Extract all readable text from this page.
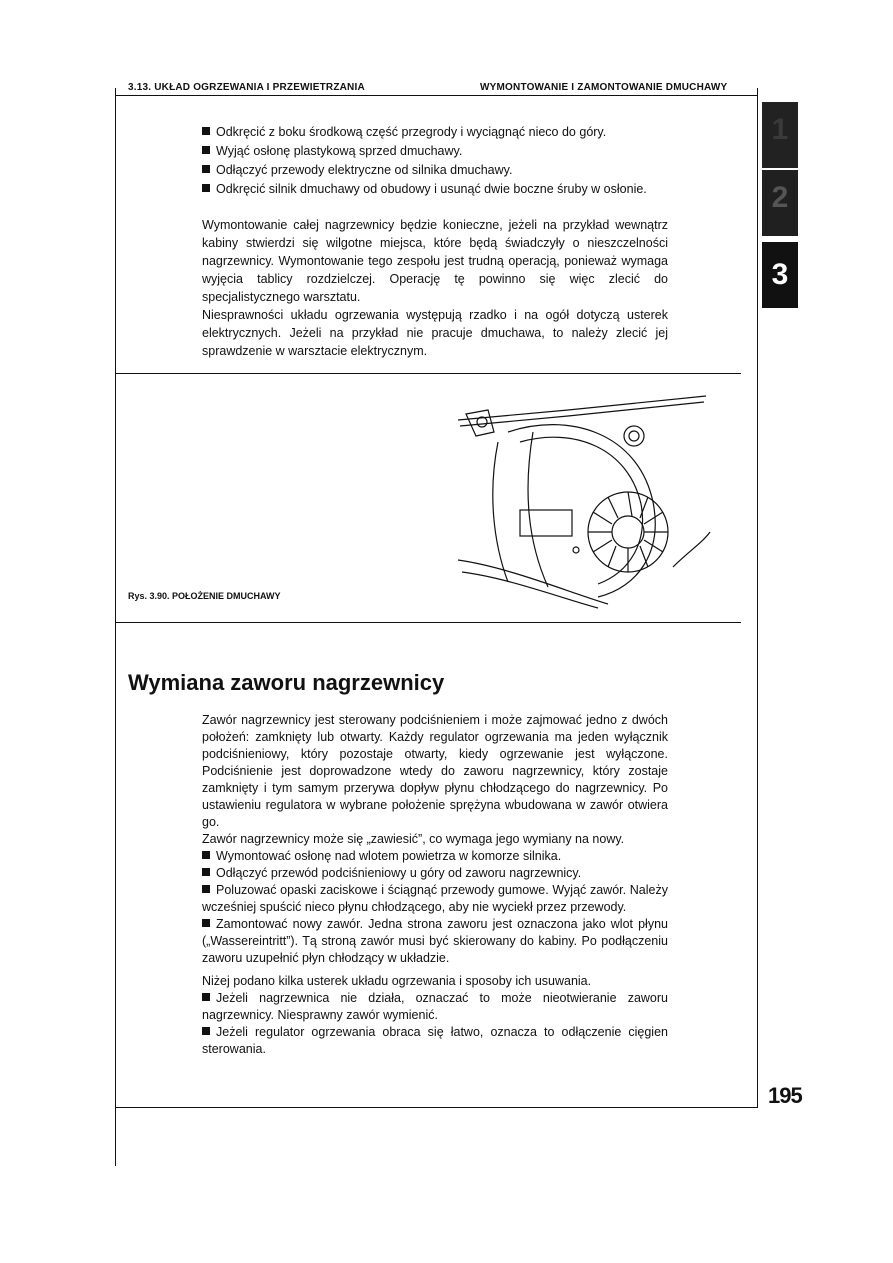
3.13. UKŁAD OGRZEWANIA I PRZEWIETRZANIA	WYMONTOWANIE I ZAMONTOWANIE DMUCHAWY

Odkręcić z boku środkową część przegrody i wyciągnąć nieco do góry.

Wyjąć osłonę plastykową sprzed dmuchawy.

Odłączyć przewody elektryczne od silnika dmuchawy.

Odkręcić silnik dmuchawy od obudowy i usunąć dwie boczne śruby w osłonie.

Wymontowanie całej nagrzewnicy będzie konieczne, jeżeli na przykład wewnątrz kabiny stwierdzi się wilgotne miejsca, które będą świadczyły o nieszczelności nagrzewnicy. Wymontowanie tego zespołu jest trudną operacją, ponieważ wymaga wyjęcia tablicy rozdzielczej. Operację tę powinno się więc zlecić do specjalistycznego warsztatu.

Niesprawności układu ogrzewania występują rzadko i na ogół dotyczą usterek elektrycznych. Jeżeli na przykład nie pracuje dmuchawa, to należy zlecić jej sprawdzenie w warsztacie elektrycznym.

Rys. 3.90. POŁOŻENIE DMUCHAWY
Wymiana zaworu nagrzewnicy

Zawór nagrzewnicy jest sterowany podciśnieniem i może zajmować jedno z dwóch położeń: zamknięty lub otwarty. Każdy regulator ogrzewania ma jeden wyłącznik podciśnieniowy, który pozostaje otwarty, kiedy ogrzewanie jest wyłączone. Podciśnienie jest doprowadzone wtedy do zaworu nagrzewnicy, który zostaje zamknięty i tym samym przerywa dopływ płynu chłodzącego do nagrzewnicy. Po ustawieniu regulatora w wybrane położenie sprężyna wbudowana w zawór otwiera go.

Zawór nagrzewnicy może się „zawiesić”, co wymaga jego wymiany na nowy.

Wymontować osłonę nad wlotem powietrza w komorze silnika.

Odłączyć przewód podciśnieniowy u góry od zaworu nagrzewnicy.

Poluzować opaski zaciskowe i ściągnąć przewody gumowe. Wyjąć zawór. Należy wcześniej spuścić nieco płynu chłodzącego, aby nie wyciekł przez przewody.

Zamontować nowy zawór. Jedna strona zaworu jest oznaczona jako wlot płynu („Wassereintritt”). Tą stroną zawór musi być skierowany do kabiny. Po podłączeniu zaworu uzupełnić płyn chłodzący w układzie.

Niżej podano kilka usterek układu ogrzewania i sposoby ich usuwania.

Jeżeli nagrzewnica nie działa, oznaczać to może nieotwieranie zaworu nagrzewnicy. Niesprawny zawór wymienić.

Jeżeli regulator ogrzewania obraca się łatwo, oznacza to odłączenie cięgien sterowania.

1
2
3
195
